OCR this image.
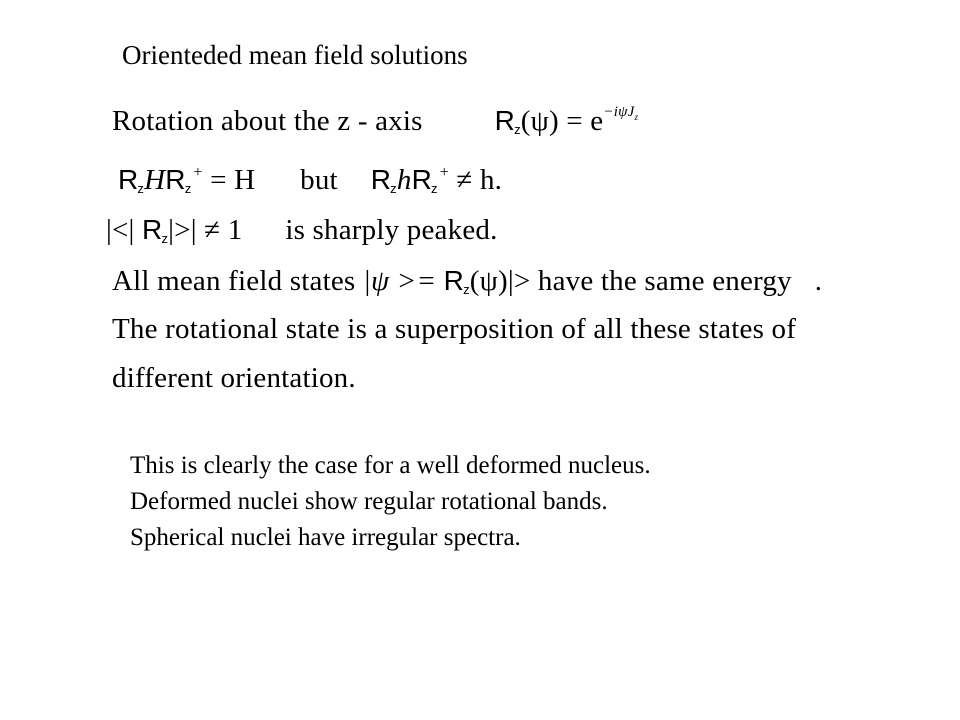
Orienteded mean field solutions
Rotation about the z - axis	$R_z(\psi) = e^{-i\psi J_z}$
$R_zHR_z^+ = H$ but $R_zhR_z^+ \ne h$.
|<| $R_z|>| \ne 1$ is sharply peaked.
All mean field states $|\psi >= R_z(\psi)|>$ have the same energy .
The rotational state is a superposition of all these states of
different orientation.
This is clearly the case for a well deformed nucleus.
Deformed nuclei show regular rotational bands.
Spherical nuclei have irregular spectra.
